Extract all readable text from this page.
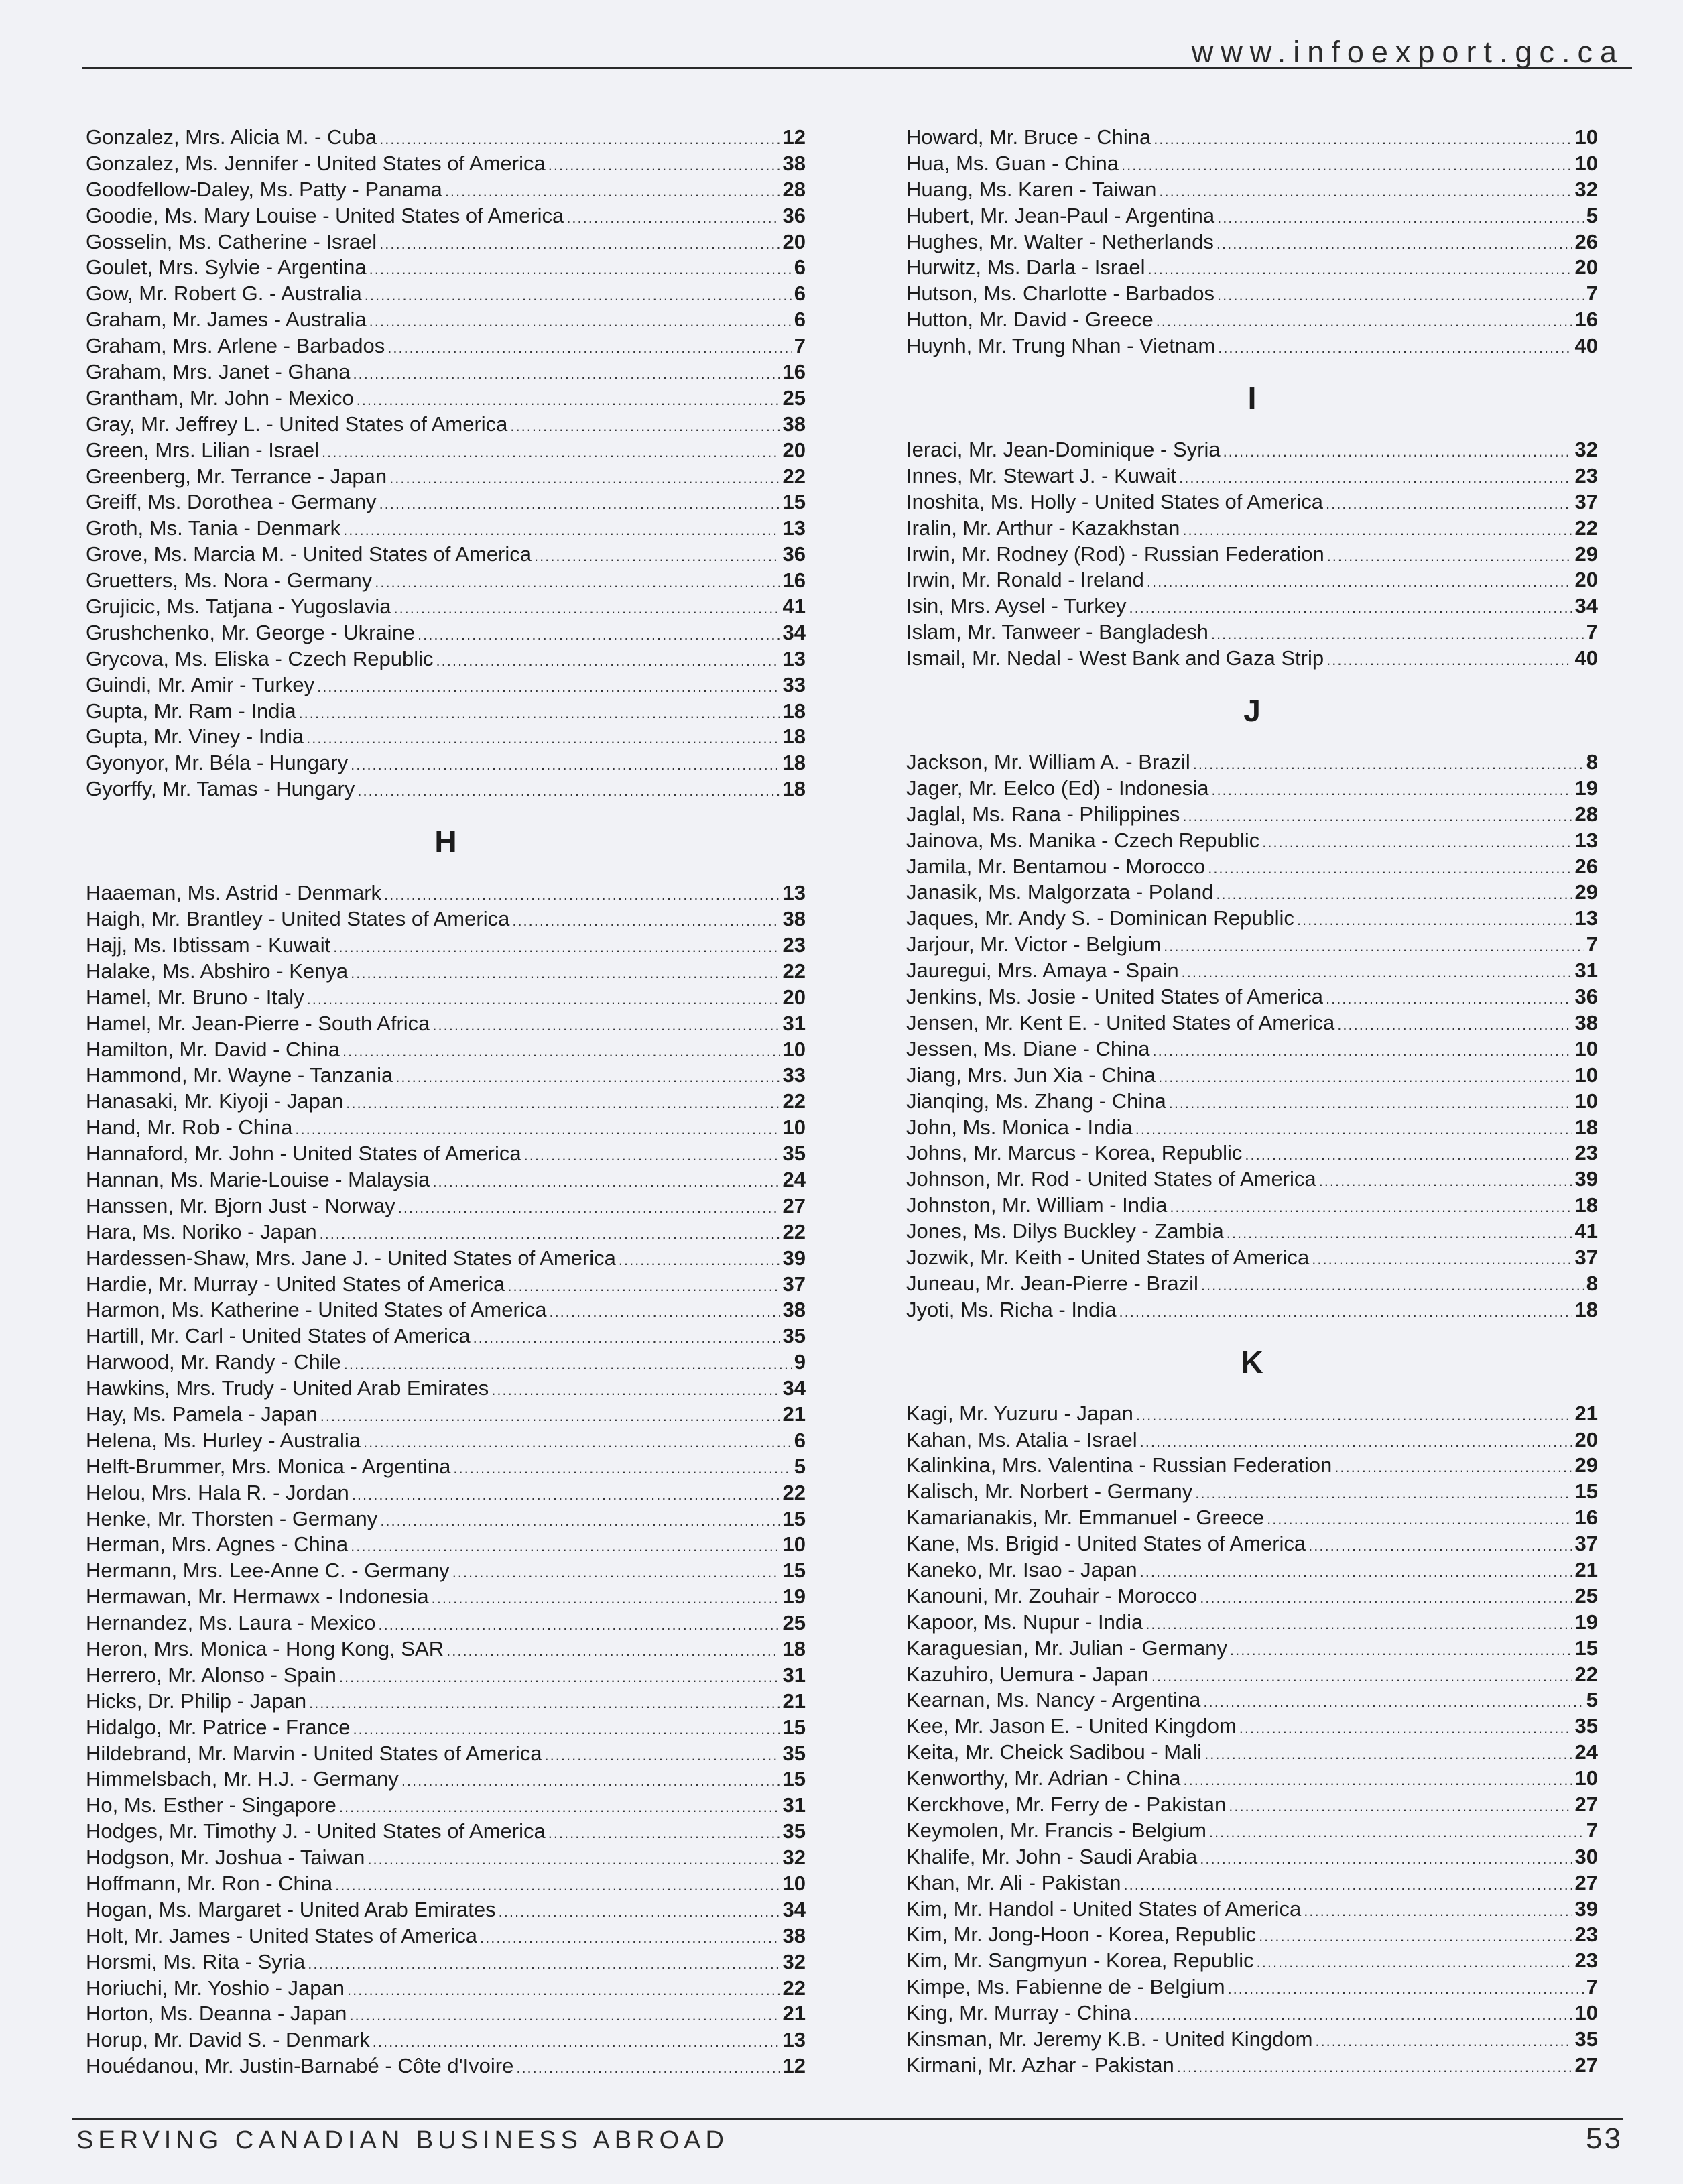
www.infoexport.gc.ca
Gonzalez, Mrs. Alicia M. - Cuba .....	12
Gonzalez, Ms. Jennifer - United States of America .....	38
Goodfellow-Daley, Ms. Patty - Panama .....	28
Goodie, Ms. Mary Louise - United States of America .....	36
Gosselin, Ms. Catherine - Israel .....	20
Goulet, Mrs. Sylvie - Argentina .....	6
Gow, Mr. Robert G. - Australia .....	6
Graham, Mr. James - Australia .....	6
Graham, Mrs. Arlene - Barbados .....	7
Graham, Mrs. Janet - Ghana .....	16
Grantham, Mr. John - Mexico .....	25
Gray, Mr. Jeffrey L. - United States of America .....	38
Green, Mrs. Lilian - Israel .....	20
Greenberg, Mr. Terrance - Japan .....	22
Greiff, Ms. Dorothea - Germany .....	15
Groth, Ms. Tania - Denmark .....	13
Grove, Ms. Marcia M. - United States of America .....	36
Gruetters, Ms. Nora - Germany .....	16
Grujicic, Ms. Tatjana - Yugoslavia .....	41
Grushchenko, Mr. George - Ukraine .....	34
Grycova, Ms. Eliska - Czech Republic .....	13
Guindi, Mr. Amir - Turkey .....	33
Gupta, Mr. Ram - India .....	18
Gupta, Mr. Viney - India .....	18
Gyonyor, Mr. Béla - Hungary .....	18
Gyorffy, Mr. Tamas - Hungary .....	18
H
Haaeman, Ms. Astrid - Denmark .....	13
Haigh, Mr. Brantley - United States of America .....	38
Hajj, Ms. Ibtissam - Kuwait .....	23
Halake, Ms. Abshiro - Kenya .....	22
Hamel, Mr. Bruno - Italy .....	20
Hamel, Mr. Jean-Pierre - South Africa .....	31
Hamilton, Mr. David - China .....	10
Hammond, Mr. Wayne - Tanzania .....	33
Hanasaki, Mr. Kiyoji - Japan .....	22
Hand, Mr. Rob - China .....	10
Hannaford, Mr. John - United States of America .....	35
Hannan, Ms. Marie-Louise - Malaysia .....	24
Hanssen, Mr. Bjorn Just - Norway .....	27
Hara, Ms. Noriko - Japan .....	22
Hardessen-Shaw, Mrs. Jane J. - United States of America .....	39
Hardie, Mr. Murray - United States of America .....	37
Harmon, Ms. Katherine - United States of America .....	38
Hartill, Mr. Carl - United States of America .....	35
Harwood, Mr. Randy - Chile .....	9
Hawkins, Mrs. Trudy - United Arab Emirates .....	34
Hay, Ms. Pamela - Japan .....	21
Helena, Ms. Hurley - Australia .....	6
Helft-Brummer, Mrs. Monica - Argentina .....	5
Helou, Mrs. Hala R. - Jordan .....	22
Henke, Mr. Thorsten - Germany .....	15
Herman, Mrs. Agnes - China .....	10
Hermann, Mrs. Lee-Anne C. - Germany .....	15
Hermawan, Mr. Hermawx - Indonesia .....	19
Hernandez, Ms. Laura - Mexico .....	25
Heron, Mrs. Monica - Hong Kong, SAR .....	18
Herrero, Mr. Alonso - Spain .....	31
Hicks, Dr. Philip - Japan .....	21
Hidalgo, Mr. Patrice - France .....	15
Hildebrand, Mr. Marvin - United States of America .....	35
Himmelsbach, Mr. H.J. - Germany .....	15
Ho, Ms. Esther - Singapore .....	31
Hodges, Mr. Timothy J. - United States of America .....	35
Hodgson, Mr. Joshua - Taiwan .....	32
Hoffmann, Mr. Ron - China .....	10
Hogan, Ms. Margaret - United Arab Emirates .....	34
Holt, Mr. James - United States of America .....	38
Horsmi, Ms. Rita - Syria .....	32
Horiuchi, Mr. Yoshio - Japan .....	22
Horton, Ms. Deanna - Japan .....	21
Horup, Mr. David S. - Denmark .....	13
Houédanou, Mr. Justin-Barnabé - Côte d'Ivoire .....	12
Howard, Mr. Bruce - China .....	10
Hua, Ms. Guan - China .....	10
Huang, Ms. Karen - Taiwan .....	32
Hubert, Mr. Jean-Paul - Argentina .....	5
Hughes, Mr. Walter - Netherlands .....	26
Hurwitz, Ms. Darla - Israel .....	20
Hutson, Ms. Charlotte - Barbados .....	7
Hutton, Mr. David - Greece .....	16
Huynh, Mr. Trung Nhan - Vietnam .....	40
I
Ieraci, Mr. Jean-Dominique - Syria .....	32
Innes, Mr. Stewart J. - Kuwait .....	23
Inoshita, Ms. Holly - United States of America .....	37
Iralin, Mr. Arthur - Kazakhstan .....	22
Irwin, Mr. Rodney (Rod) - Russian Federation .....	29
Irwin, Mr. Ronald - Ireland .....	20
Isin, Mrs. Aysel - Turkey .....	34
Islam, Mr. Tanweer - Bangladesh .....	7
Ismail, Mr. Nedal - West Bank and Gaza Strip .....	40
J
Jackson, Mr. William A. - Brazil .....	8
Jager, Mr. Eelco (Ed) - Indonesia .....	19
Jaglal, Ms. Rana - Philippines .....	28
Jainova, Ms. Manika - Czech Republic .....	13
Jamila, Mr. Bentamou - Morocco .....	26
Janasik, Ms. Malgorzata - Poland .....	29
Jaques, Mr. Andy S. - Dominican Republic .....	13
Jarjour, Mr. Victor - Belgium .....	7
Jauregui, Mrs. Amaya - Spain .....	31
Jenkins, Ms. Josie - United States of America .....	36
Jensen, Mr. Kent E. - United States of America .....	38
Jessen, Ms. Diane - China .....	10
Jiang, Mrs. Jun Xia - China .....	10
Jianqing, Ms. Zhang - China .....	10
John, Ms. Monica - India .....	18
Johns, Mr. Marcus - Korea, Republic .....	23
Johnson, Mr. Rod - United States of America .....	39
Johnston, Mr. William - India .....	18
Jones, Ms. Dilys Buckley - Zambia .....	41
Jozwik, Mr. Keith - United States of America .....	37
Juneau, Mr. Jean-Pierre - Brazil .....	8
Jyoti, Ms. Richa - India .....	18
K
Kagi, Mr. Yuzuru - Japan .....	21
Kahan, Ms. Atalia - Israel .....	20
Kalinkina, Mrs. Valentina - Russian Federation .....	29
Kalisch, Mr. Norbert - Germany .....	15
Kamarianakis, Mr. Emmanuel - Greece .....	16
Kane, Ms. Brigid - United States of America .....	37
Kaneko, Mr. Isao - Japan .....	21
Kanouni, Mr. Zouhair - Morocco .....	25
Kapoor, Ms. Nupur - India .....	19
Karaguesian, Mr. Julian - Germany .....	15
Kazuhiro, Uemura - Japan .....	22
Kearnan, Ms. Nancy - Argentina .....	5
Kee, Mr. Jason E. - United Kingdom .....	35
Keita, Mr. Cheick Sadibou - Mali .....	24
Kenworthy, Mr. Adrian - China .....	10
Kerckhove, Mr. Ferry de - Pakistan .....	27
Keymolen, Mr. Francis - Belgium .....	7
Khalife, Mr. John - Saudi Arabia .....	30
Khan, Mr. Ali - Pakistan .....	27
Kim, Mr. Handol - United States of America .....	39
Kim, Mr. Jong-Hoon - Korea, Republic .....	23
Kim, Mr. Sangmyun - Korea, Republic .....	23
Kimpe, Ms. Fabienne de - Belgium .....	7
King, Mr. Murray - China .....	10
Kinsman, Mr. Jeremy K.B. - United Kingdom .....	35
Kirmani, Mr. Azhar - Pakistan .....	27
SERVING CANADIAN BUSINESS ABROAD	53
